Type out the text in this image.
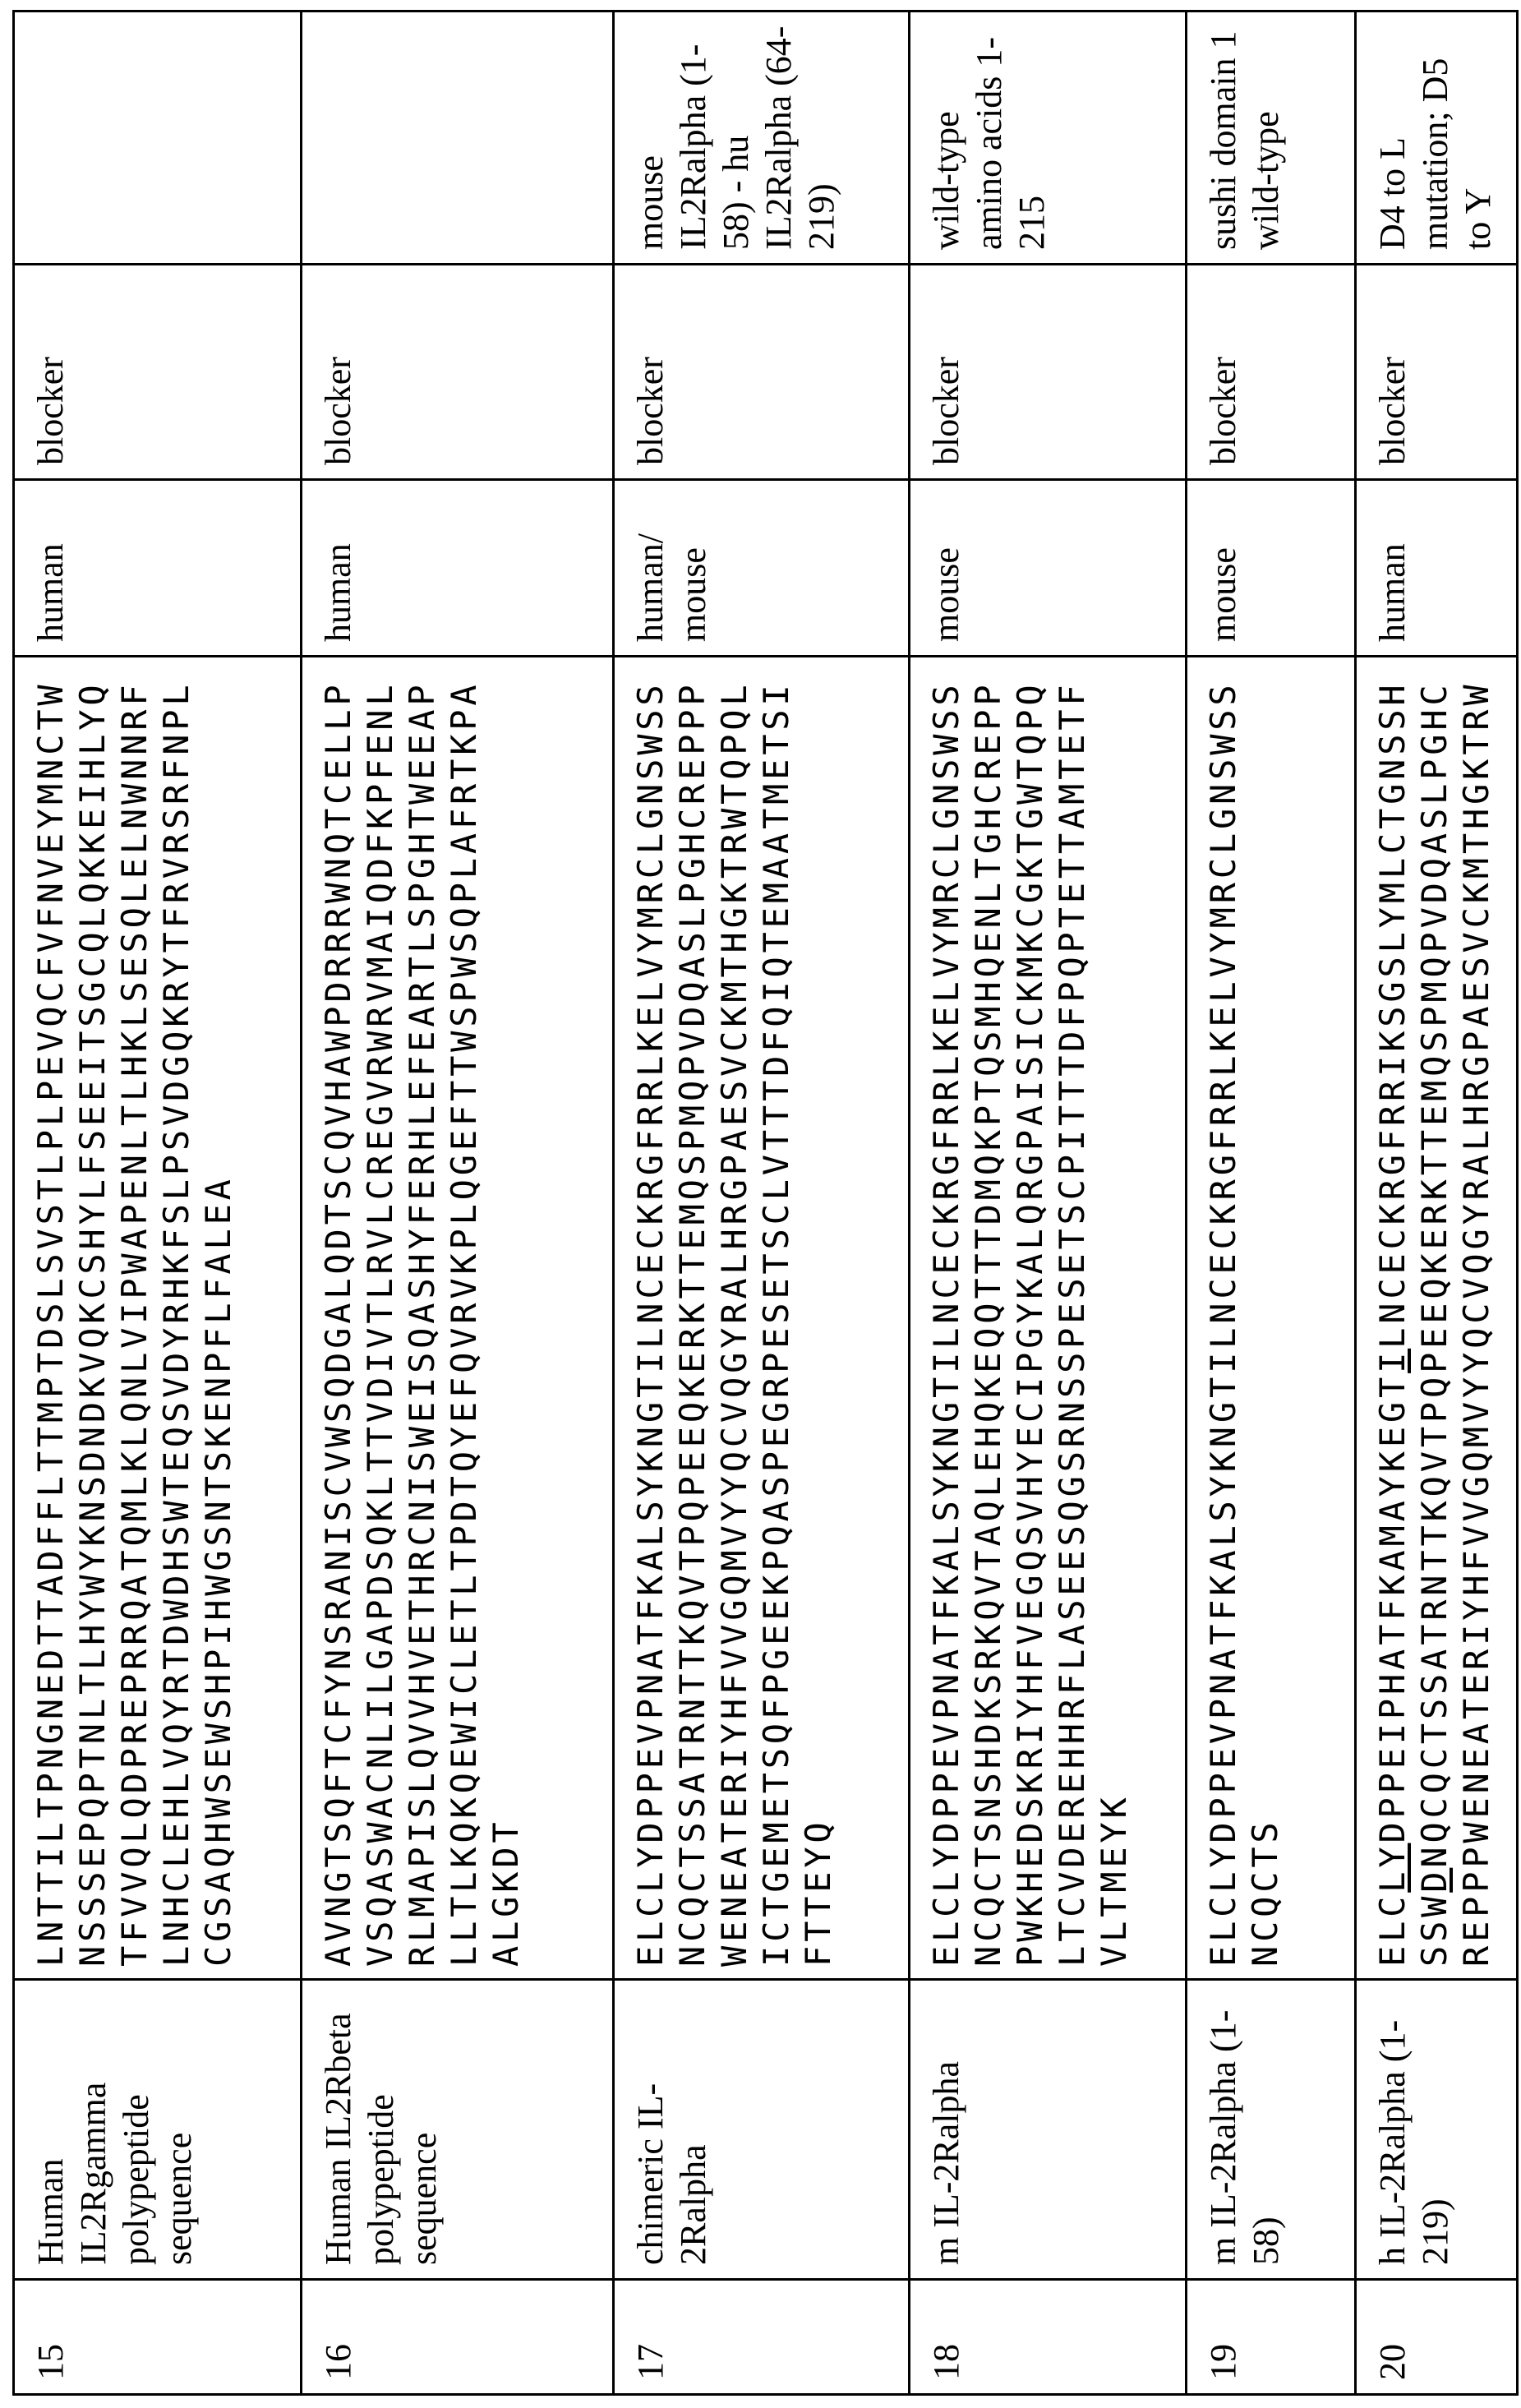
15	Human IL2Rgamma polypeptide sequence	
LNTTILTPNGNEDTTADFFLTTMPTDSLSVSTLPLPEVQCFVFNVEYMNCTW NSSSEPQPTNLTLHYWYKNSDNDKVQKCSHYLFSEEITSGCQLQKKEIHLYQ TFVVQLQDPREPRRQATQMLKLQNLVIPWAPENLTLHKLSESQLELNWNNRF LNHCLEHLVQYRTDWDHSWTEQSVDYRHKFSLPSVDGQKRYTFRVRSRFNPL CGSAQHWSEWSHPIHWGSNTSKENPFLFALEA
	human	blocker	
16	Human IL2Rbeta polypeptide sequence	
AVNGTSQFTCFYNSRANISCVWSQDGALQDTSCQVHAWPDRRRWNQTCELLP VSQASWACNLILGAPDSQKLTTVDIVTLRVLCREGVRWRVMAIQDFKPFENL RLMAPISLQVVHVETHRCNISWEISQASHYFERHLEFEARTLSPGHTWEEAP LLTLKQKQEWICLETLTPDTQYEFQVRVKPLQGEFTTWSPWSQPLAFRTKPA ALGKDT
	human	blocker	
17	chimeric IL-2Ralpha	
ELCLYDPPEVPNATFKALSYKNGTILNCECKRGFRRLKELVYMRCLGNSWSS NCQCTSSATRNTTKQVTPQPEEQKERKTTEMQSPMQPVDQASLPGHCREPPP WENEATERIYHFVVGQMVYYQCVQGYRALHRGPAESVCKMTHGKTRWTQPQL ICTGEMETSQFPGEEKPQASPEGRPESETSCLVTTTDFQIQTEMAATMETSI FTTEYQ
	human/ mouse	blocker	mouse IL2Ralpha (1-58) - hu IL2Ralpha (64-219)
18	m IL-2Ralpha	
ELCLYDPPEVPNATFKALSYKNGTILNCECKRGFRRLKELVYMRCLGNSWSS NCQCTSNSHDKSRKQVTAQLEHQKEQQTTTDMQKPTQSMHQENLTGHCREPP PWKHEDSKRIYHFVEGQSVHYECIPGYKALQRGPAISICKMKCGKTGWTQPQ LTCVDEREHHRFLASEESQGSRNSSPESETSCPITTTDFPQPTETTAMTETF VLTMEYK
	mouse	blocker	wild-type amino acids 1-215
19	m IL-2Ralpha (1-58)	
ELCLYDPPEVPNATFKALSYKNGTILNCECKRGFRRLKELVYMRCLGNSWSS NCQCTS
	mouse	blocker	sushi domain 1 wild-type
20	h IL-2Ralpha (1-219)	
ELCLYDPPEIPHATFKAMAYKEGTILNCECKRGFRRIKSGSLYMLCTGNSSH
SSWDNQCQCTSSATRNTTKQVTPQPEEQKERKTTEMQSPMQPVDQASLPGHC REPPPWENEATERIYHFVVGQMVYYQCVQGYRALHRGPAESVCKMTHGKTRW
	human	blocker	D4 to L mutation; D5 to Y
